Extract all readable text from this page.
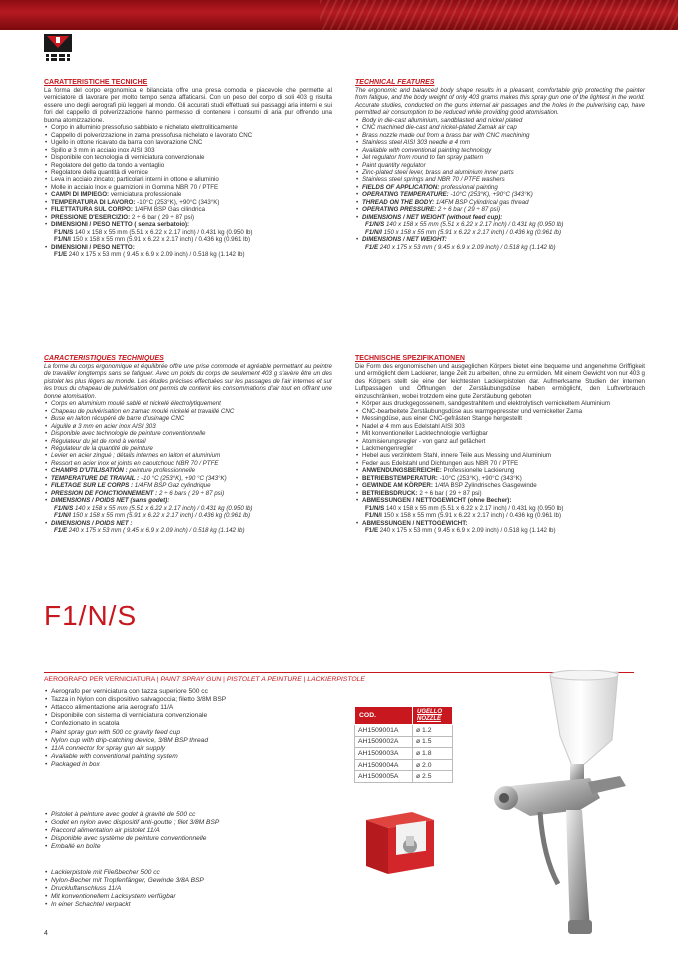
CARATTERISTICHE TECNICHE
La forma del corpo ergonomica e bilanciata offre una presa comoda e piacevole che permette al verniciatore di lavorare per molto tempo senza affaticarsi. Con un peso del corpo di soli 403 g risulta essere uno degli aerografi più leggeri al mondo. Gli accurati studi effettuati sui passaggi aria interni e sui fori del cappello di polverizzazione hanno permesso di contenere i consumi di aria pur offrendo una buona atomizzazione.
• Corpo in alluminio pressofuso sabbiato e nichelato elettroliticamente
• Cappello di polverizzazione in zama pressofusa nichelato e lavorato CNC
• Ugello in ottone ricavato da barra con lavorazione CNC
• Spillo ø 3 mm in acciaio inox AISI 303
• Disponibile con tecnologia di verniciatura convenzionale
• Regolatore del getto da tondo a ventaglio
• Regolatore della quantità di vernice
• Leva in acciaio zincato; particolari interni in ottone e alluminio
• Molle in acciaio Inox e guarnizioni in Gomma NBR 70 / PTFE
• CAMPI DI IMPIEGO: verniciatura professionale
• TEMPERATURA DI LAVORO: -10°C (253°K), +90°C (343°K)
• FILETTATURA SUL CORPO: 1/4FM BSP Gas cilindrica
• PRESSIONE D'ESERCIZIO: 2 ÷ 6 bar ( 29 ÷ 87 psi)
• DIMENSIONI / PESO NETTO ( senza serbatoio):
F1/N/S 140 x 158 x 55 mm (5.51 x 6.22 x 2.17 inch) / 0.431 kg (0.950 lb)
F1/N/I 150 x 158 x 55 mm (5.91 x 6.22 x 2.17 inch) / 0.436 kg (0.961 lb)
• DIMENSIONI / PESO NETTO:
F1/E 240 x 175 x 53 mm ( 9.45 x 6.9 x 2.09 inch) / 0.518 kg (1.142 lb)
TECHNICAL FEATURES
The ergonomic and balanced body shape results in a pleasant, comfortable grip protecting the painter from fatigue, and the body weight of only 403 grams makes this spray gun one of the lightest in the world. Accurate studies, conducted on the guns internal air passages and the holes in the pulverising cap, have permitted air consumption to be reduced while providing good atomisation.
• Body in die-cast alluminium, sandblasted and nickel plated
• CNC machined die-cast and nickel-plated Zamak air cap
• Brass nozzle made out from a brass bar with CNC machining
• Stainless steel AISI 303 needle ø 4 mm
• Available with conventional painting technology
• Jet regulator from round to fan spray pattern
• Paint quantity regulator
• Zinc-plated steel lever, brass and aluminium inner parts
• Stainless steel springs and NBR 70 / PTFE washers
• FIELDS OF APPLICATION: professional painting
• OPERATING TEMPERATURE: -10°C (253°K), +90°C (343°K)
• THREAD ON THE BODY: 1/4FM BSP Cylindrical gas thread
• OPERATING PRESSURE: 2 ÷ 6 bar ( 29 ÷ 87 psi)
• DIMENSIONS / NET WEIGHT (without feed cup):
F1/N/S 140 x 158 x 55 mm (5.51 x 6.22 x 2.17 inch) / 0.431 kg (0.950 lb)
F1/N/I 150 x 158 x 55 mm (5.91 x 6.22 x 2.17 inch) / 0.436 kg (0.961 lb)
• DIMENSIONS / NET WEIGHT:
F1/E 240 x 175 x 53 mm ( 9.45 x 6.9 x 2.09 inch) / 0.518 kg (1.142 lb)
CARACTERISTIQUES TECHNIQUES
La forme du corps ergonomique et équilibrée offre une prise commode et agréable permettant au peintre de travailler longtemps sans se fatiguer. Avec un poids du corps de seulement 403 g s'avère être un des pistolet les plus légers au monde. Les études précises effectuées sur les passages de l'air internes et sur les trous du chapeau de pulvérisation ont permis de contenir les consommations d'air tout en offrant une bonne atomisation.
• Corps en aluminium moulé sablé et nickelé électrolytiquement
• Chapeau de pulvérisation en zamac moulé nickelé et travaillé CNC
• Buse en laiton récupéré de barre d'usinage CNC
• Aiguille ø 3 mm en acier inox AISI 303
• Disponible avec technologie de peinture conventionnelle
• Régulateur du jet de rond à ventail
• Régulateur de la quantité de peinture
• Levier en acier zingué ; détails internes en laiton et aluminium
• Ressort en acier inox et joints en caoutchouc NBR 70 / PTFE
• CHAMPS D'UTILISATION : peinture professionnelle
• TEMPERATURE DE TRAVAIL : -10 °C (253°K), +90 °C (343°K)
• FILETAGE SUR LE CORPS : 1/4FM BSP Gaz cylindrique
• PRESSION DE FONCTIONNEMENT : 2 ÷ 6 bars ( 29 ÷ 87 psi)
• DIMENSIONS / POIDS NET (sans godet):
F1/N/S 140 x 158 x 55 mm (5.51 x 6.22 x 2.17 inch) / 0.431 kg (0.950 lb)
F1/N/I 150 x 158 x 55 mm (5.91 x 6.22 x 2.17 inch) / 0.436 kg (0.961 lb)
• DIMENSIONS / POIDS NET :
F1/E 240 x 175 x 53 mm ( 9.45 x 6.9 x 2.09 inch) / 0.518 kg (1.142 lb)
TECHNISCHE SPEZIFIKATIONEN
Die Form des ergonomischen und ausgeglichen Körpers bietet eine bequeme und angenehme Griffigkeit und ermöglicht dem Lackierer, lange Zeit zu arbeiten, ohne zu ermüden. Mit einem Gewicht von nur 403 g des Körpers stellt sie eine der leichtesten Lackierpistolen dar. Aufmerksame Studien der internen Luftpassagen und Öffnungen der Zerstäubungsdüse haben ermöglicht, den Luftverbrauch einzuschränken, wobei trotzdem eine gute Zerstäubung geboten
• Körper aus druckgegossenem, sandgestrahltem und elektrolytisch vernickeltem Aluminium
• CNC-bearbeitete Zerstäubungsdüse aus warmgepresster und vernickelter Zama
• Messingdüse, aus einer CNC-gefrästen Stange hergestellt
• Nadel ø 4 mm aus Edelstahl AISI 303
• Mit konventioneller Lacktechnologie verfügbar
• Atomisierungsregler - von ganz auf gefächert
• Lackmengenregler
• Hebel aus verzinktem Stahl, innere Teile aus Messing und Aluminium
• Feder aus Edelstahl und Dichtungen aus NBR 70 / PTFE
• ANWENDUNGSBEREICHE: Professionelle Lackierung
• BETRIEBSTEMPERATUR: -10°C (253°K), +90°C (343°K)
• GEWINDE AM KÖRPER: 1/4fA BSP Zylindrisches Gasgewinde
• BETRIEBSDRUCK: 2 ÷ 6 bar ( 29 ÷ 87 psi)
• ABMESSUNGEN / NETTOGEWICHT (ohne Becher):
F1/N/S 140 x 158 x 55 mm (5.51 x 6.22 x 2.17 inch) / 0.431 kg (0.950 lb)
F1/N/I 150 x 158 x 55 mm (5.91 x 6.22 x 2.17 inch) / 0.436 kg (0.961 lb)
• ABMESSUNGEN / NETTOGEWICHT:
F1/E 240 x 175 x 53 mm ( 9.45 x 6.9 x 2.09 inch) / 0.518 kg (1.142 lb)
F1/N/S
AEROGRAFO PER VERNICIATURA | PAINT SPRAY GUN | PISTOLET A PEINTURE | LACKIERPISTOLE
• Aerografo per verniciatura con tazza superiore 500 cc
• Tazza in Nylon con dispositivo salvagoccia; filetto 3/8M BSP
• Attacco alimentazione aria aerografo 11/A
• Disponibile con sistema di verniciatura convenzionale
• Confezionato in scatola
• Paint spray gun with 500 cc gravity feed cup
• Nylon cup with drip-catching device, 3/8M BSP thread
• 11/A connector for spray gun air supply
• Available with conventional painting system
• Packaged in box
• Pistolet à peinture avec godet à gravité de 500 cc
• Godet en nylon avec dispositif anti-goutte ; filet 3/8M BSP
• Raccord alimentation air pistolet 11/A
• Disponible avec système de peinture conventionnelle
• Emballé en boîte
• Lackierpistole mit Fließbecher 500 cc
• Nylon-Becher mit Tropfenfänger, Gewinde 3/8A BSP
• Druckluftanschluss 11/A
• Mit konventionellem Lacksystem verfügbar
• In einer Schachtel verpackt
COD.	UGELLO
NOZZLE
AH1509001A	ø 1.2
AH1509002A	ø 1.5
AH1509003A	ø 1.8
AH1509004A	ø 2.0
AH1509005A	ø 2.5
4
